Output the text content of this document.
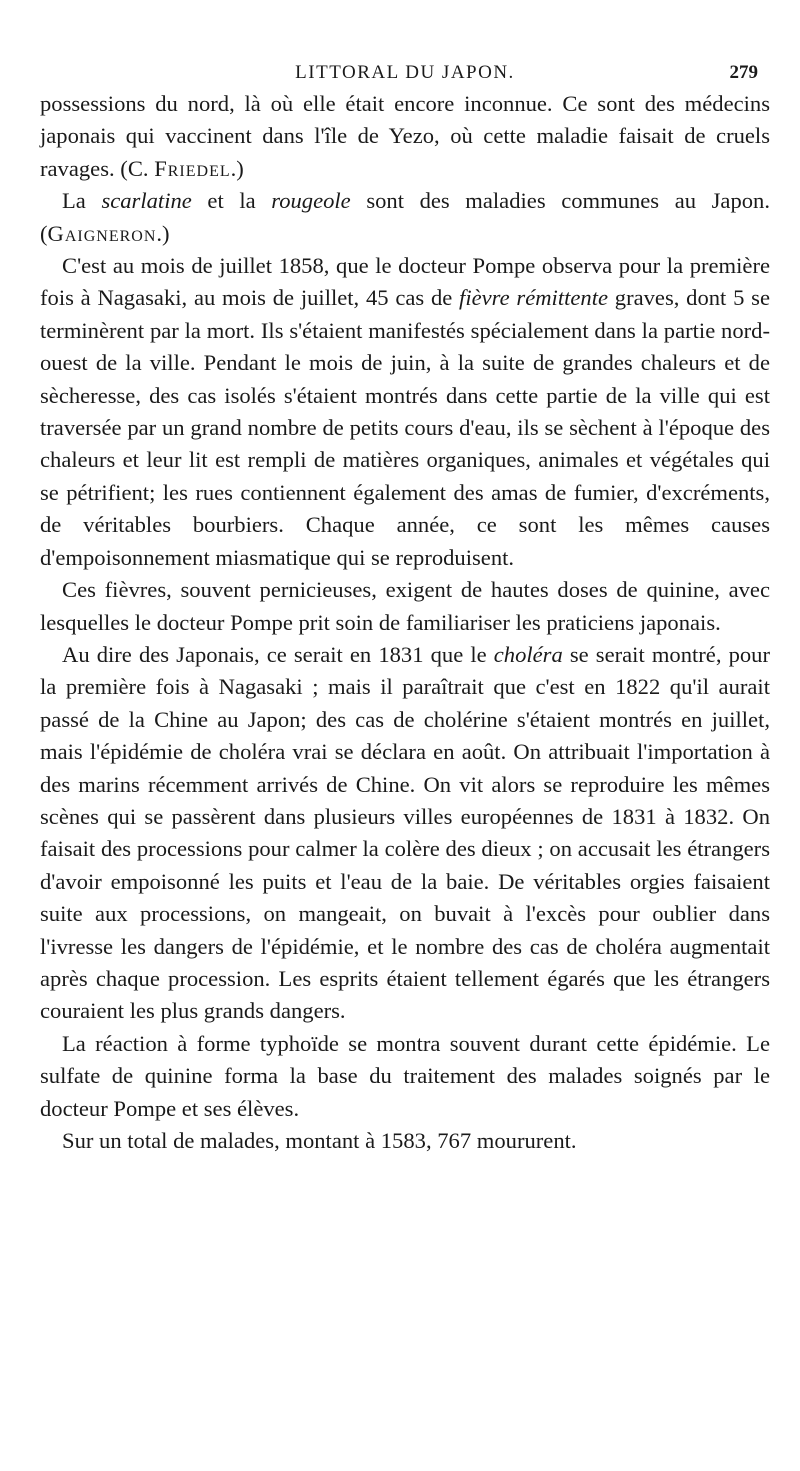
LITTORAL DU JAPON.	279

possessions du nord, là où elle était encore inconnue. Ce sont des médecins japonais qui vaccinent dans l'île de Yezo, où cette maladie faisait de cruels ravages. (C. Friedel.)

La scarlatine et la rougeole sont des maladies communes au Japon. (Gaigneron.)

C'est au mois de juillet 1858, que le docteur Pompe observa pour la première fois à Nagasaki, au mois de juillet, 45 cas de fièvre rémittente graves, dont 5 se terminèrent par la mort. Ils s'étaient manifestés spécialement dans la partie nord-ouest de la ville. Pendant le mois de juin, à la suite de grandes chaleurs et de sècheresse, des cas isolés s'étaient montrés dans cette partie de la ville qui est traversée par un grand nombre de petits cours d'eau, ils se sèchent à l'époque des chaleurs et leur lit est rempli de matières organiques, animales et végétales qui se pétrifient; les rues contiennent également des amas de fumier, d'excréments, de véritables bourbiers. Chaque année, ce sont les mêmes causes d'empoisonnement miasmatique qui se reproduisent.

Ces fièvres, souvent pernicieuses, exigent de hautes doses de quinine, avec lesquelles le docteur Pompe prit soin de familiariser les praticiens japonais.

Au dire des Japonais, ce serait en 1831 que le choléra se serait montré, pour la première fois à Nagasaki ; mais il paraîtrait que c'est en 1822 qu'il aurait passé de la Chine au Japon; des cas de cholérine s'étaient montrés en juillet, mais l'épidémie de choléra vrai se déclara en août. On attribuait l'importation à des marins récemment arrivés de Chine. On vit alors se reproduire les mêmes scènes qui se passèrent dans plusieurs villes européennes de 1831 à 1832. On faisait des processions pour calmer la colère des dieux ; on accusait les étrangers d'avoir empoisonné les puits et l'eau de la baie. De véritables orgies faisaient suite aux processions, on mangeait, on buvait à l'excès pour oublier dans l'ivresse les dangers de l'épidémie, et le nombre des cas de choléra augmentait après chaque procession. Les esprits étaient tellement égarés que les étrangers couraient les plus grands dangers.

La réaction à forme typhoïde se montra souvent durant cette épidémie. Le sulfate de quinine forma la base du traitement des malades soignés par le docteur Pompe et ses élèves.

Sur un total de malades, montant à 1583, 767 moururent.
